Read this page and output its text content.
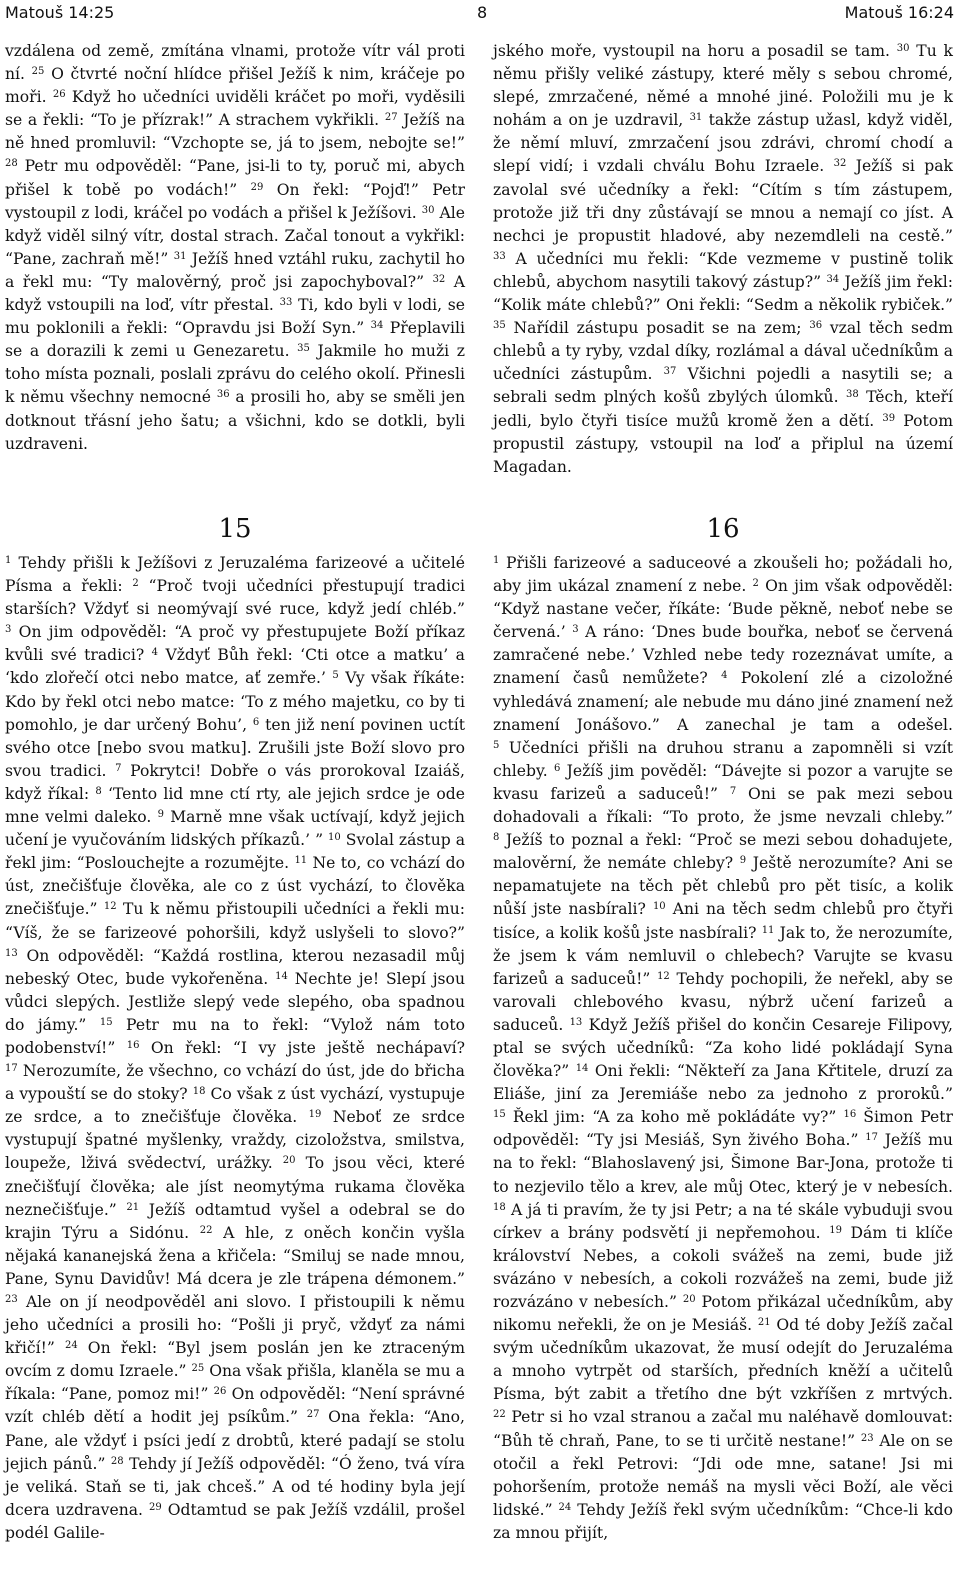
Matouš 14:25	8	Matouš 16:24

vzdálena od země, zmítána vlnami, protože vítr vál proti ní. $^{25}$ O čtvrté noční hlídce přišel Ježíš k nim, kráčeje po moři. $^{26}$ Když ho učedníci uviděli kráčet po moři, vyděsili se a řekli: “To je přízrak!” A strachem vykřikli. $^{27}$ Ježíš na ně hned promluvil: “Vzchopte se, já to jsem, nebojte se!” $^{28}$ Petr mu odpověděl: “Pane, jsi-li to ty, poruč mi, abych přišel k tobě po vodách!” $^{29}$ On řekl: “Pojď!” Petr vystoupil z lodi, kráčel po vodách a přišel k Ježíšovi. $^{30}$ Ale když viděl silný vítr, dostal strach. Začal tonout a vykřikl: “Pane, zachraň mě!” $^{31}$ Ježíš hned vztáhl ruku, zachytil ho a řekl mu: “Ty malověrný, proč jsi zapochyboval?” $^{32}$ A když vstoupili na loď, vítr přestal. $^{33}$ Ti, kdo byli v lodi, se mu poklonili a řekli: “Opravdu jsi Boží Syn.” $^{34}$ Přeplavili se a dorazili k zemi u Genezaretu. $^{35}$ Jakmile ho muži z toho místa poznali, poslali zprávu do celého okolí. Přinesli k němu všechny nemocné $^{36}$ a prosili ho, aby se směli jen dotknout třásní jeho šatu; a všichni, kdo se dotkli, byli uzdraveni.

jského moře, vystoupil na horu a posadil se tam. $^{30}$ Tu k němu přišly veliké zástupy, které měly s sebou chromé, slepé, zmrzačené, němé a mnohé jiné. Položili mu je k nohám a on je uzdravil, $^{31}$ takže zástup užasl, když viděl, že němí mluví, zmrzačení jsou zdrávi, chromí chodí a slepí vidí; i vzdali chválu Bohu Izraele. $^{32}$ Ježíš si pak zavolal své učedníky a řekl: “Cítím s tím zástupem, protože již tři dny zůstávají se mnou a nemají co jíst. A nechci je propustit hladové, aby nezemdleli na cestě.” $^{33}$ A učedníci mu řekli: “Kde vezmeme v pustině tolik chlebů, abychom nasytili takový zástup?” $^{34}$ Ježíš jim řekl: “Kolik máte chlebů?” Oni řekli: “Sedm a několik rybiček.” $^{35}$ Nařídil zástupu posadit se na zem; $^{36}$ vzal těch sedm chlebů a ty ryby, vzdal díky, rozlámal a dával učedníkům a učedníci zástupům. $^{37}$ Všichni pojedli a nasytili se; a sebrali sedm plných košů zbylých úlomků. $^{38}$ Těch, kteří jedli, bylo čtyři tisíce mužů kromě žen a dětí. $^{39}$ Potom propustil zástupy, vstoupil na loď a připlul na území Magadan.

15	16

$^1$ Tehdy přišli k Ježíšovi z Jeruzaléma farizeové a učitelé Písma a řekli: $^2$ “Proč tvoji učedníci přestupují tradici starších? Vždyť si neomývají své ruce, když jedí chléb.” $^3$ On jim odpověděl: “A proč vy přestupujete Boží příkaz kvůli své tradici? $^4$ Vždyť Bůh řekl: ‘Cti otce a matku’ a ‘kdo zlořečí otci nebo matce, ať zemře.’ $^5$ Vy však říkáte: Kdo by řekl otci nebo matce: ‘To z mého majetku, co by ti pomohlo, je dar určený Bohu’, $^6$ ten již není povinen uctít svého otce [nebo svou matku]. Zrušili jste Boží slovo pro svou tradici. $^7$ Pokrytci! Dobře o vás prorokoval Izaiáš, když říkal: $^8$ ‘Tento lid mne ctí rty, ale jejich srdce je ode mne velmi daleko. $^9$ Marně mne však uctívají, když jejich učení je vyučováním lidských příkazů.’ ” $^{10}$ Svolal zástup a řekl jim: “Poslouchejte a rozumějte. $^{11}$ Ne to, co vchází do úst, znečišťuje člověka, ale co z úst vychází, to člověka znečišťuje.” $^{12}$ Tu k němu přistoupili učedníci a řekli mu: “Víš, že se farizeové pohoršili, když uslyšeli to slovo?” $^{13}$ On odpověděl: “Každá rostlina, kterou nezasadil můj nebeský Otec, bude vykořeněna. $^{14}$ Nechte je! Slepí jsou vůdci slepých. Jestliže slepý vede slepého, oba spadnou do jámy.” $^{15}$ Petr mu na to řekl: “Vylož nám toto podobenství!” $^{16}$ On řekl: “I vy jste ještě nechápaví? $^{17}$ Nerozumíte, že všechno, co vchází do úst, jde do břicha a vypouští se do stoky? $^{18}$ Co však z úst vychází, vystupuje ze srdce, a to znečišťuje člověka. $^{19}$ Neboť ze srdce vystupují špatné myšlenky, vraždy, cizoložstva, smilstva, loupeže, lživá svědectví, urážky. $^{20}$ To jsou věci, které znečišťují člověka; ale jíst neomytýma rukama člověka neznečišťuje.” $^{21}$ Ježíš odtamtud vyšel a odebral se do krajin Týru a Sidónu. $^{22}$ A hle, z oněch končin vyšla nějaká kananejská žena a křičela: “Smiluj se nade mnou, Pane, Synu Davidův! Má dcera je zle trápena démonem.” $^{23}$ Ale on jí neodpověděl ani slovo. I přistoupili k němu jeho učedníci a prosili ho: “Pošli ji pryč, vždyť za námi křičí!” $^{24}$ On řekl: “Byl jsem poslán jen ke ztraceným ovcím z domu Izraele.” $^{25}$ Ona však přišla, klaněla se mu a říkala: “Pane, pomoz mi!” $^{26}$ On odpověděl: “Není správné vzít chléb dětí a hodit jej psíkům.” $^{27}$ Ona řekla: “Ano, Pane, ale vždyť i psíci jedí z drobtů, které padají se stolu jejich pánů.” $^{28}$ Tehdy jí Ježíš odpověděl: “Ó ženo, tvá víra je veliká. Staň se ti, jak chceš.” A od té hodiny byla její dcera uzdravena. $^{29}$ Odtamtud se pak Ježíš vzdálil, prošel podél Galile-

$^1$ Přišli farizeové a saduceové a zkoušeli ho; požádali ho, aby jim ukázal znamení z nebe. $^2$ On jim však odpověděl: “Když nastane večer, říkáte: ‘Bude pěkně, neboť nebe se červená.’ $^3$ A ráno: ‘Dnes bude bouřka, neboť se červená zamračené nebe.’ Vzhled nebe tedy rozeznávat umíte, a znamení časů nemůžete? $^4$ Pokolení zlé a cizoložné vyhledává znamení; ale nebude mu dáno jiné znamení než znamení Jonášovo.” A zanechal je tam a odešel. $^5$ Učedníci přišli na druhou stranu a zapomněli si vzít chleby. $^6$ Ježíš jim pověděl: “Dávejte si pozor a varujte se kvasu farizeů a saduceů!” $^7$ Oni se pak mezi sebou dohadovali a říkali: “To proto, že jsme nevzali chleby.” $^8$ Ježíš to poznal a řekl: “Proč se mezi sebou dohadujete, malověrní, že nemáte chleby? $^9$ Ještě nerozumíte? Ani se nepamatujete na těch pět chlebů pro pět tisíc, a kolik nůší jste nasbírali? $^{10}$ Ani na těch sedm chlebů pro čtyři tisíce, a kolik košů jste nasbírali? $^{11}$ Jak to, že nerozumíte, že jsem k vám nemluvil o chlebech? Varujte se kvasu farizeů a saduceů!” $^{12}$ Tehdy pochopili, že neřekl, aby se varovali chlebového kvasu, nýbrž učení farizeů a saduceů. $^{13}$ Když Ježíš přišel do končin Cesareje Filipovy, ptal se svých učedníků: “Za koho lidé pokládají Syna člověka?” $^{14}$ Oni řekli: “Někteří za Jana Křtitele, druzí za Eliáše, jiní za Jeremiáše nebo za jednoho z proroků.” $^{15}$ Řekl jim: “A za koho mě pokládáte vy?” $^{16}$ Šimon Petr odpověděl: “Ty jsi Mesiáš, Syn živého Boha.” $^{17}$ Ježíš mu na to řekl: “Blahoslavený jsi, Šimone Bar-Jona, protože ti to nezjevilo tělo a krev, ale můj Otec, který je v nebesích. $^{18}$ A já ti pravím, že ty jsi Petr; a na té skále vybuduji svou církev a brány podsvětí ji nepřemohou. $^{19}$ Dám ti klíče království Nebes, a cokoli svážeš na zemi, bude již svázáno v nebesích, a cokoli rozvážeš na zemi, bude již rozvázáno v nebesích.” $^{20}$ Potom přikázal učedníkům, aby nikomu neřekli, že on je Mesiáš. $^{21}$ Od té doby Ježíš začal svým učedníkům ukazovat, že musí odejít do Jeruzaléma a mnoho vytrpět od starších, předních kněží a učitelů Písma, být zabit a třetího dne být vzkříšen z mrtvých. $^{22}$ Petr si ho vzal stranou a začal mu naléhavě domlouvat: “Bůh tě chraň, Pane, to se ti určitě nestane!” $^{23}$ Ale on se otočil a řekl Petrovi: “Jdi ode mne, satane! Jsi mi pohoršením, protože nemáš na mysli věci Boží, ale věci lidské.” $^{24}$ Tehdy Ježíš řekl svým učedníkům: “Chce-li kdo za mnou přijít,
